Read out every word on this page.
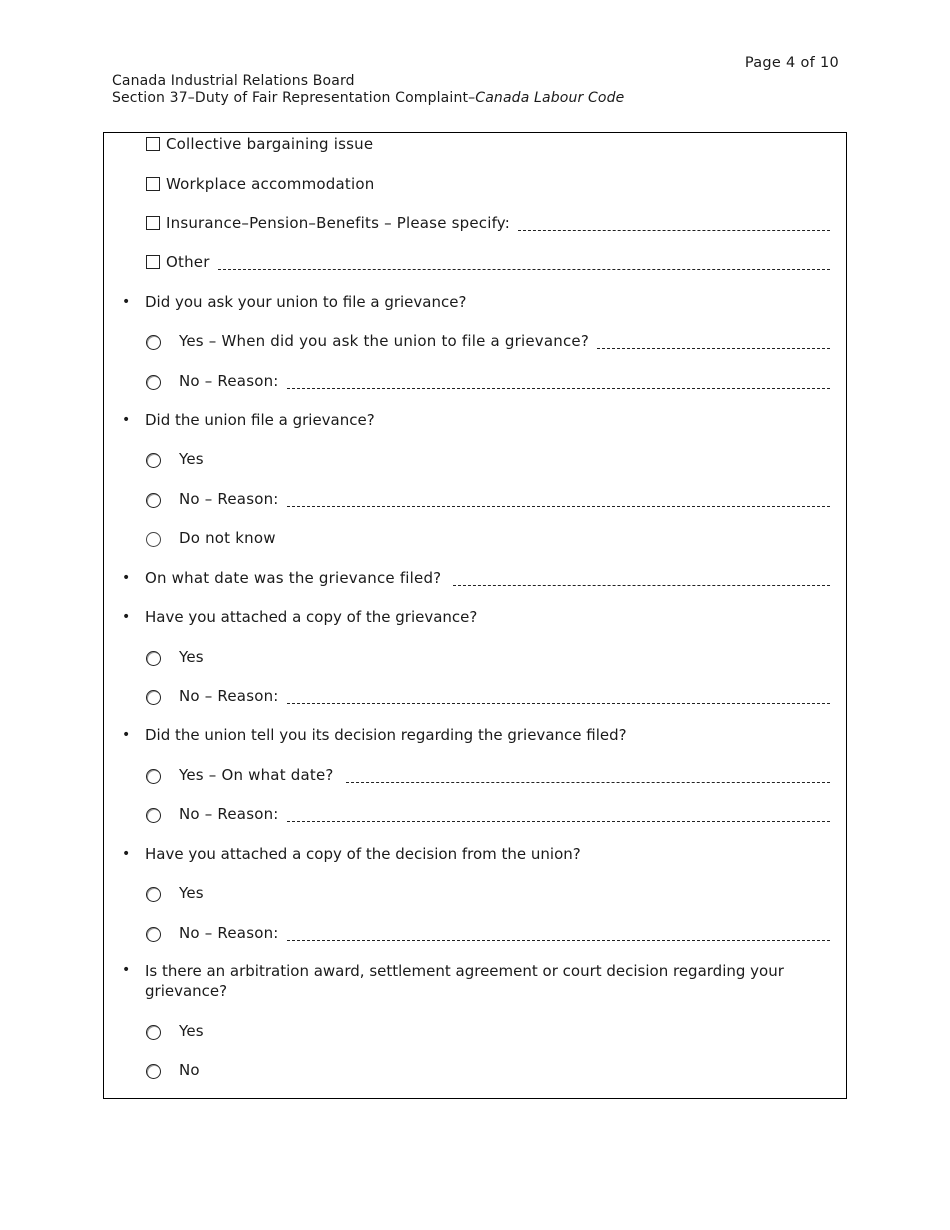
Page 4 of 10
Canada Industrial Relations Board
Section 37–Duty of Fair Representation Complaint–Canada Labour Code
Collective bargaining issue
Workplace accommodation
Insurance–Pension–Benefits – Please specify:
Other
• Did you ask your union to file a grievance?
Yes – When did you ask the union to file a grievance?
No – Reason:
• Did the union file a grievance?
Yes
No – Reason:
Do not know
• On what date was the grievance filed?
• Have you attached a copy of the grievance?
Yes
No – Reason:
• Did the union tell you its decision regarding the grievance filed?
Yes – On what date?
No – Reason:
• Have you attached a copy of the decision from the union?
Yes
No – Reason:
• Is there an arbitration award, settlement agreement or court decision regarding your grievance?
Yes
No
